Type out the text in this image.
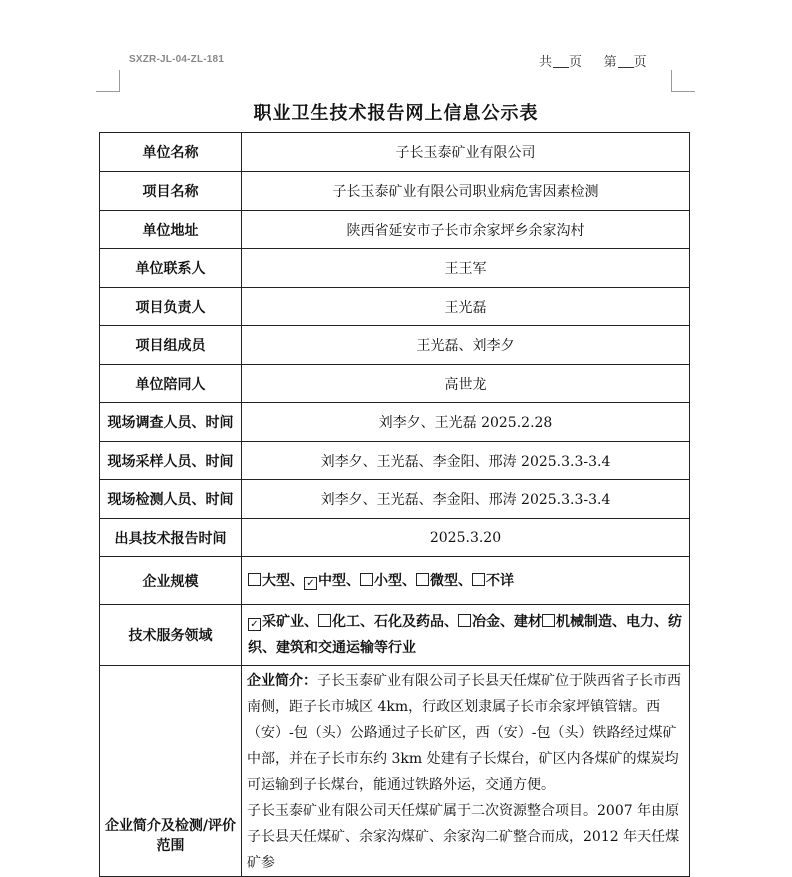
SXZR-JL-04-ZL-181	共 页 第 页
职业卫生技术报告网上信息公示表
单位名称	子长玉泰矿业有限公司
项目名称	子长玉泰矿业有限公司职业病危害因素检测
单位地址	陕西省延安市子长市余家坪乡余家沟村
单位联系人	王王军
项目负责人	王光磊
项目组成员	王光磊、刘李夕
单位陪同人	高世龙
现场调查人员、时间	刘李夕、王光磊 2025.2.28
现场采样人员、时间	刘李夕、王光磊、李金阳、邢涛 2025.3.3-3.4
现场检测人员、时间	刘李夕、王光磊、李金阳、邢涛 2025.3.3-3.4
出具技术报告时间	2025.3.20
企业规模	大型、 ✓ 中型、 小型、 微型、 不详
技术服务领域	✓ 采矿业、 化工、石化及药品、 冶金、建材 机械制造、电力、纺织、建筑和交通运输等行业
企业简介及检测/评价范围	企业简介：子长玉泰矿业有限公司子长县天任煤矿位于陕西省子长市西南侧，距子长市城区 4km，行政区划隶属子长市余家坪镇管辖。西（安）-包（头）公路通过子长矿区，西（安）-包（头）铁路经过煤矿中部，并在子长市东约 3km 处建有子长煤台，矿区内各煤矿的煤炭均可运输到子长煤台，能通过铁路外运，交通方便。
子长玉泰矿业有限公司天任煤矿属于二次资源整合项目。2007 年由原子长县天任煤矿、余家沟煤矿、余家沟二矿整合而成，2012 年天任煤矿参
